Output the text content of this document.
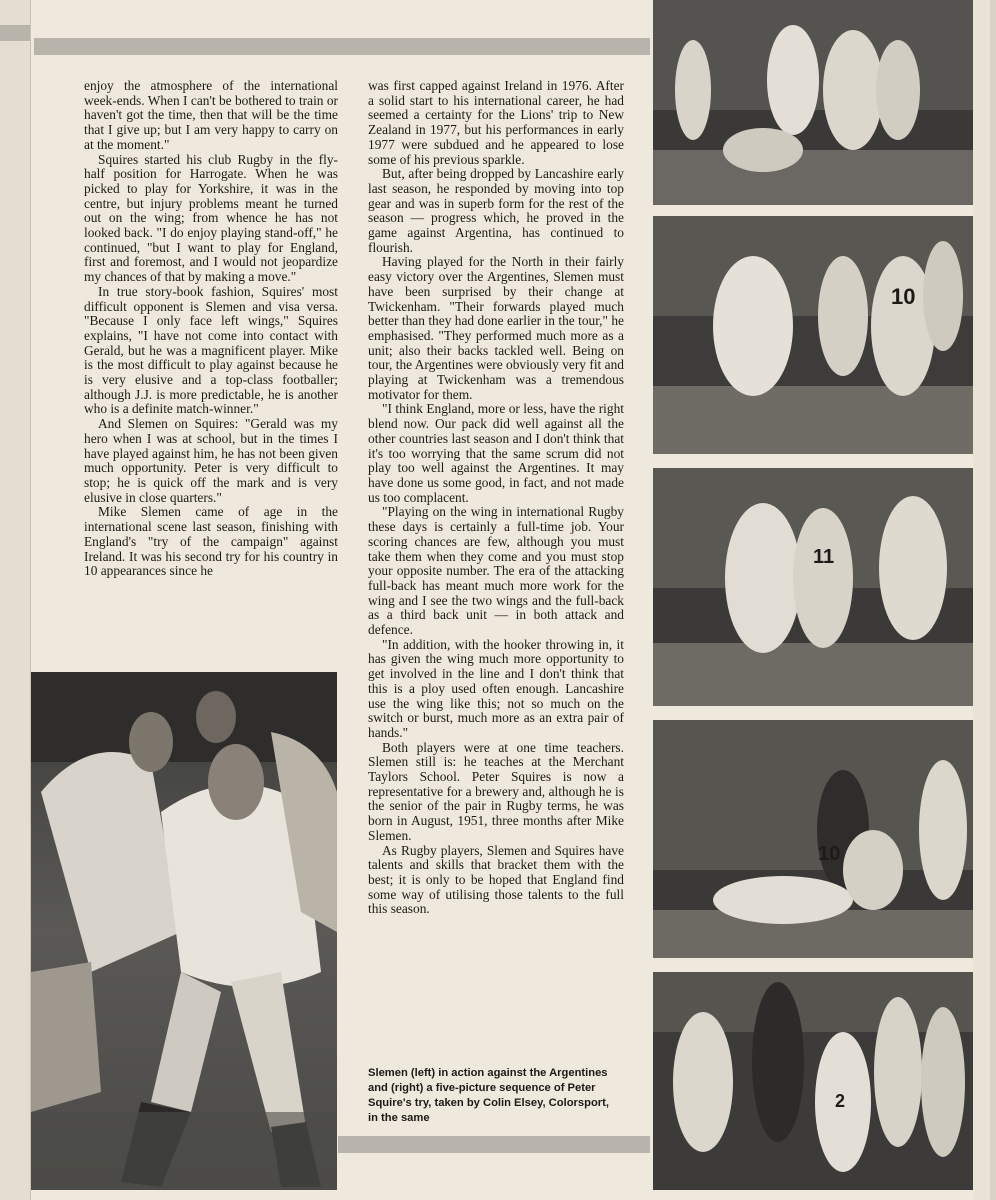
enjoy the atmosphere of the international week-ends. When I can't be bothered to train or haven't got the time, then that will be the time that I give up; but I am very happy to carry on at the moment."

Squires started his club Rugby in the fly-half position for Harrogate. When he was picked to play for Yorkshire, it was in the centre, but injury problems meant he turned out on the wing; from whence he has not looked back. "I do enjoy playing stand-off," he continued, "but I want to play for England, first and foremost, and I would not jeopardize my chances of that by making a move."

In true story-book fashion, Squires' most difficult opponent is Slemen and visa versa. "Because I only face left wings," Squires explains, "I have not come into contact with Gerald, but he was a magnificent player. Mike is the most difficult to play against because he is very elusive and a top-class footballer; although J.J. is more predictable, he is another who is a definite match-winner."

And Slemen on Squires: "Gerald was my hero when I was at school, but in the times I have played against him, he has not been given much opportunity. Peter is very difficult to stop; he is quick off the mark and is very elusive in close quarters."

Mike Slemen came of age in the international scene last season, finishing with England's "try of the campaign" against Ireland. It was his second try for his country in 10 appearances since he

was first capped against Ireland in 1976. After a solid start to his international career, he had seemed a certainty for the Lions' trip to New Zealand in 1977, but his performances in early 1977 were subdued and he appeared to lose some of his previous sparkle.

But, after being dropped by Lancashire early last season, he responded by moving into top gear and was in superb form for the rest of the season — progress which, he proved in the game against Argentina, has continued to flourish.

Having played for the North in their fairly easy victory over the Argentines, Slemen must have been surprised by their change at Twickenham. "Their forwards played much better than they had done earlier in the tour," he emphasised. "They performed much more as a unit; also their backs tackled well. Being on tour, the Argentines were obviously very fit and playing at Twickenham was a tremendous motivator for them.

"I think England, more or less, have the right blend now. Our pack did well against all the other countries last season and I don't think that it's too worrying that the same scrum did not play too well against the Argentines. It may have done us some good, in fact, and not made us too complacent.

"Playing on the wing in international Rugby these days is certainly a full-time job. Your scoring chances are few, although you must take them when they come and you must stop your opposite number. The era of the attacking full-back has meant much more work for the wing and I see the two wings and the full-back as a third back unit — in both attack and defence.

"In addition, with the hooker throwing in, it has given the wing much more opportunity to get involved in the line and I don't think that this is a ploy used often enough. Lancashire use the wing like this; not so much on the switch or burst, much more as an extra pair of hands."

Both players were at one time teachers. Slemen still is: he teaches at the Merchant Taylors School. Peter Squires is now a representative for a brewery and, although he is the senior of the pair in Rugby terms, he was born in August, 1951, three months after Mike Slemen.

As Rugby players, Slemen and Squires have talents and skills that bracket them with the best; it is only to be hoped that England find some way of utilising those talents to the full this season.

Slemen (left) in action against the Argentines and (right) a five-picture sequence of Peter Squire's try, taken by Colin Elsey, Colorsport, in the same
10
11
10
2
